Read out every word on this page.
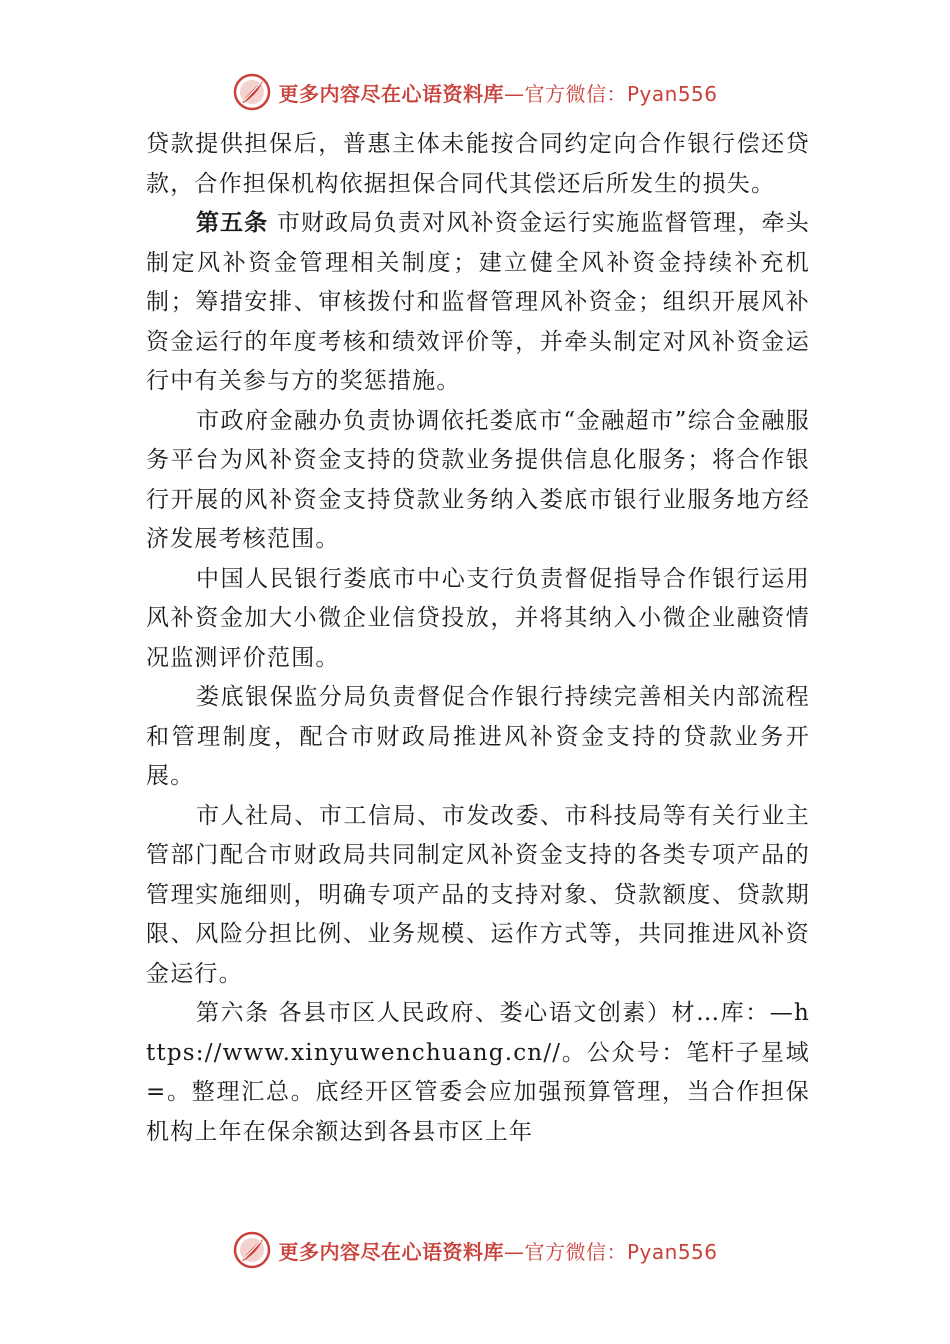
更多内容尽在心语资料库—官方微信：Pyan556

贷款提供担保后，普惠主体未能按合同约定向合作银行偿还贷款，合作担保机构依据担保合同代其偿还后所发生的损失。

第五条 市财政局负责对风补资金运行实施监督管理，牵头制定风补资金管理相关制度；建立健全风补资金持续补充机制；筹措安排、审核拨付和监督管理风补资金；组织开展风补资金运行的年度考核和绩效评价等，并牵头制定对风补资金运行中有关参与方的奖惩措施。

市政府金融办负责协调依托娄底市“金融超市”综合金融服务平台为风补资金支持的贷款业务提供信息化服务；将合作银行开展的风补资金支持贷款业务纳入娄底市银行业服务地方经济发展考核范围。

中国人民银行娄底市中心支行负责督促指导合作银行运用风补资金加大小微企业信贷投放，并将其纳入小微企业融资情况监测评价范围。

娄底银保监分局负责督促合作银行持续完善相关内部流程和管理制度，配合市财政局推进风补资金支持的贷款业务开展。

市人社局、市工信局、市发改委、市科技局等有关行业主管部门配合市财政局共同制定风补资金支持的各类专项产品的管理实施细则，明确专项产品的支持对象、贷款额度、贷款期限、风险分担比例、业务规模、运作方式等，共同推进风补资金运行。

第六条 各县市区人民政府、娄心语文创素）材…库：—https://www.xinyuwenchuang.cn//。公众号：笔杆子星域=。整理汇总。底经开区管委会应加强预算管理，当合作担保机构上年在保余额达到各县市区上年

更多内容尽在心语资料库—官方微信：Pyan556
